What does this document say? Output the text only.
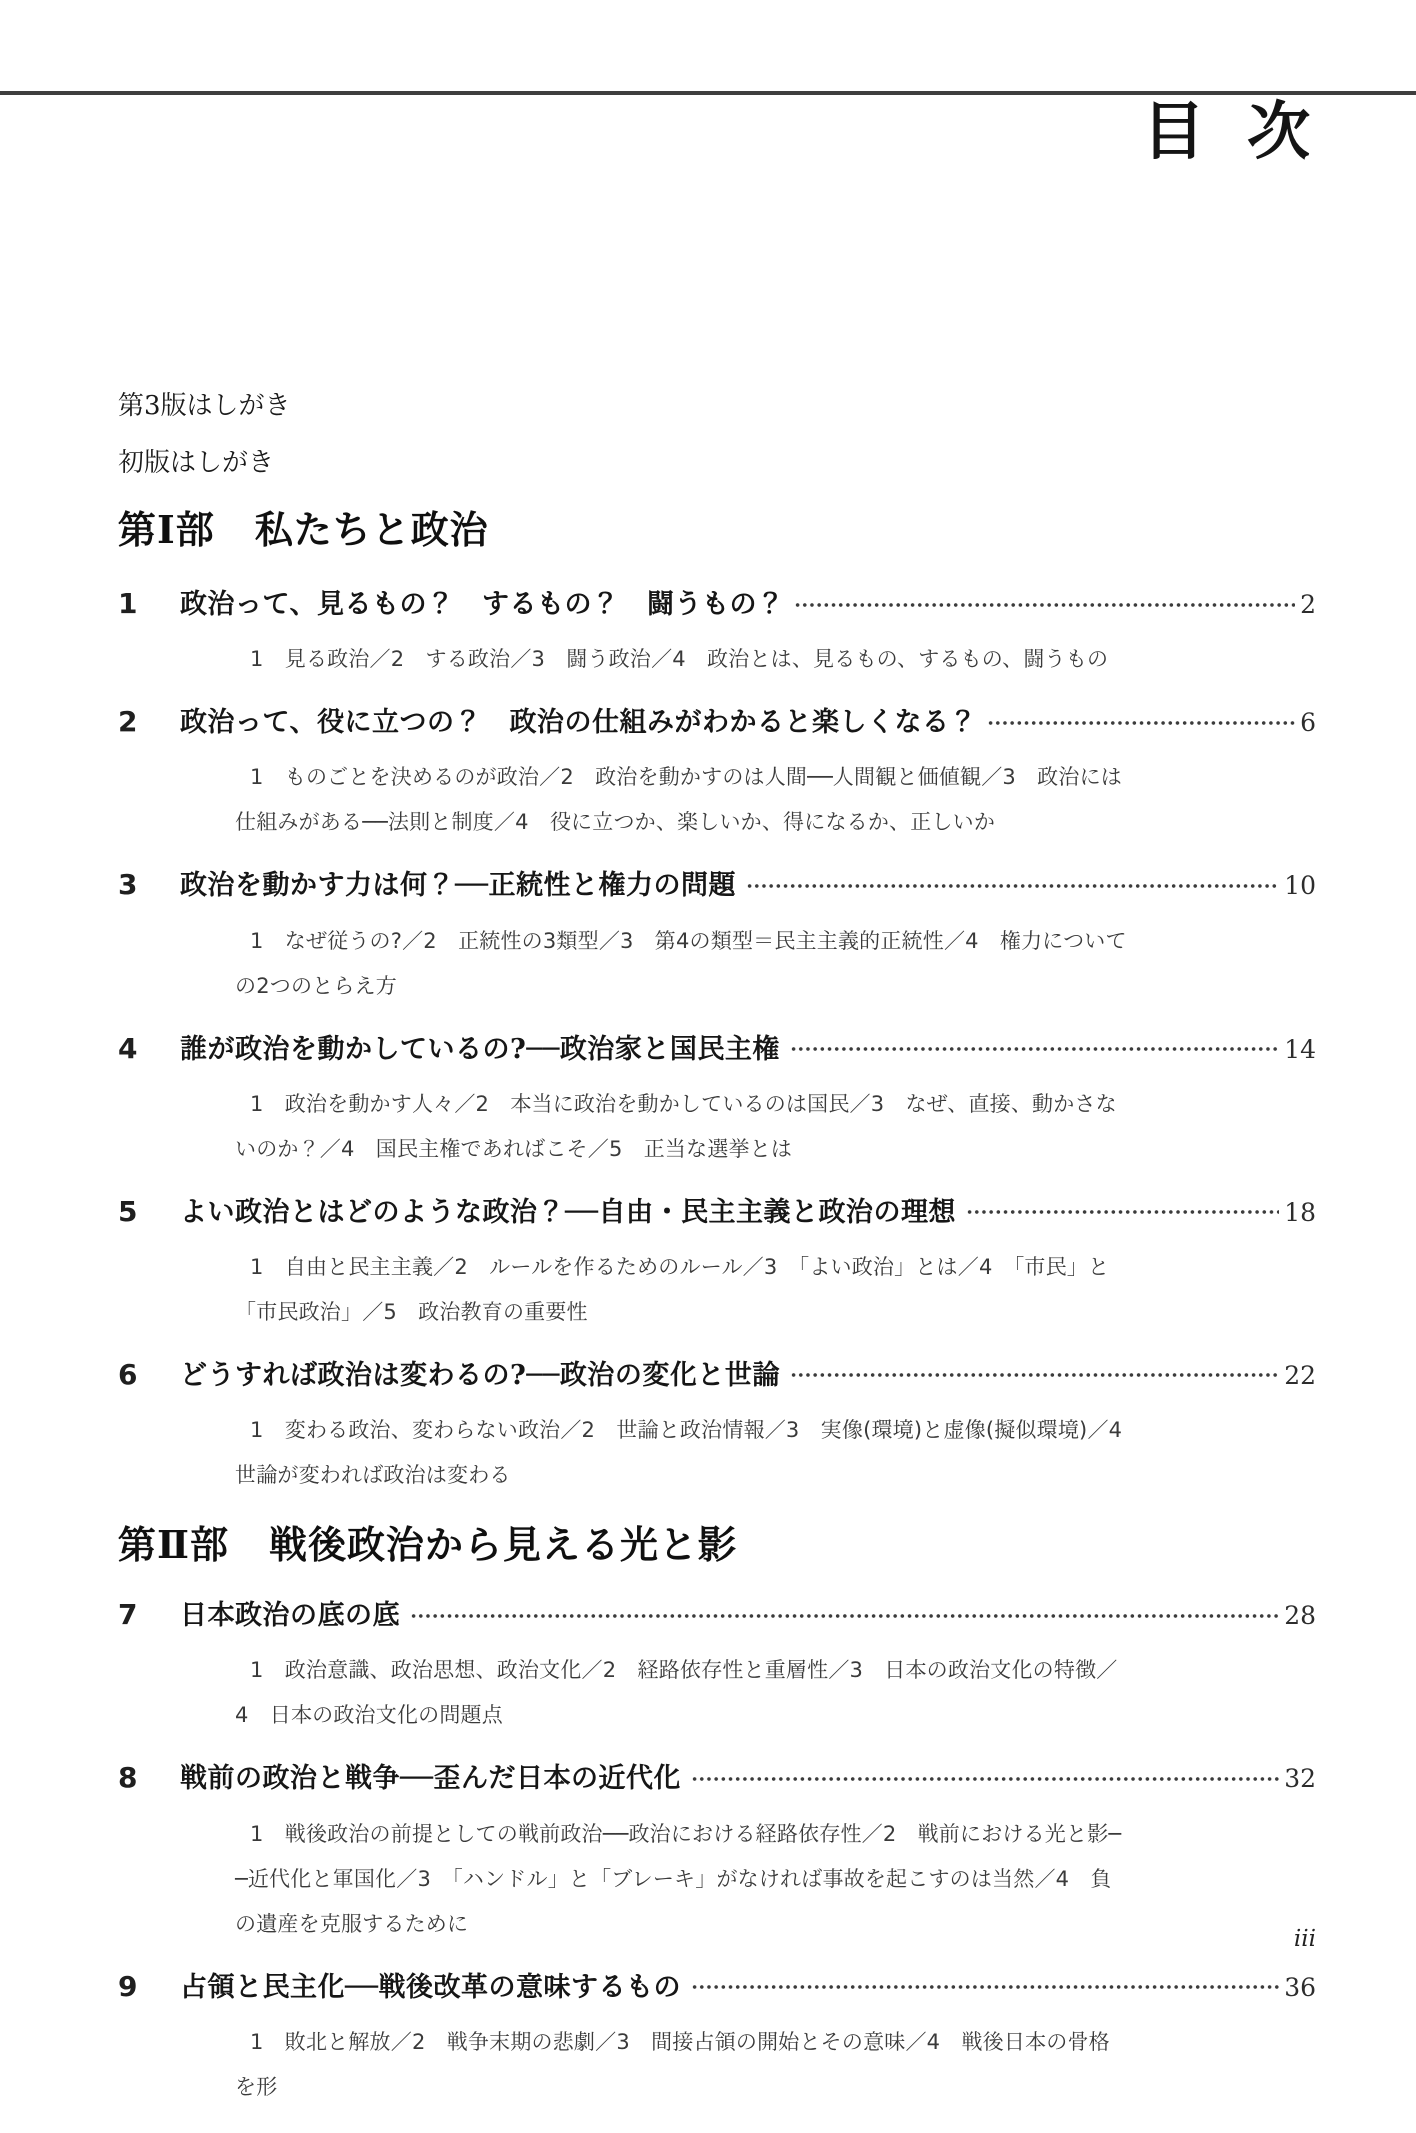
目 次
第3版はしがき
初版はしがき
第Ⅰ部 私たちと政治
1	政治って、見るもの？　するもの？　闘うもの？	2

1　見る政治／2　する政治／3　闘う政治／4　政治とは、見るもの、するもの、闘うもの

2	政治って、役に立つの？　政治の仕組みがわかると楽しくなる？	6

1　ものごとを決めるのが政治／2　政治を動かすのは人間──人間観と価値観／3　政治には仕組みがある──法則と制度／4　役に立つか、楽しいか、得になるか、正しいか

3	政治を動かす力は何？──正統性と権力の問題	10

1　なぜ従うの?／2　正統性の3類型／3　第4の類型＝民主主義的正統性／4　権力についての2つのとらえ方

4	誰が政治を動かしているの?──政治家と国民主権	14

1　政治を動かす人々／2　本当に政治を動かしているのは国民／3　なぜ、直接、動かさないのか？／4　国民主権であればこそ／5　正当な選挙とは

5	よい政治とはどのような政治？──自由・民主主義と政治の理想	18

1　自由と民主主義／2　ルールを作るためのルール／3　「よい政治」とは／4　「市民」と「市民政治」／5　政治教育の重要性

6	どうすれば政治は変わるの?──政治の変化と世論	22

1　変わる政治、変わらない政治／2　世論と政治情報／3　実像(環境)と虚像(擬似環境)／4　世論が変われば政治は変わる

第Ⅱ部 戦後政治から見える光と影
7	日本政治の底の底	28

1　政治意識、政治思想、政治文化／2　経路依存性と重層性／3　日本の政治文化の特徴／4　日本の政治文化の問題点

8	戦前の政治と戦争──歪んだ日本の近代化	32

1　戦後政治の前提としての戦前政治──政治における経路依存性／2　戦前における光と影──近代化と軍国化／3　「ハンドル」と「ブレーキ」がなければ事故を起こすのは当然／4　負の遺産を克服するために

9	占領と民主化──戦後改革の意味するもの	36

1　敗北と解放／2　戦争末期の悲劇／3　間接占領の開始とその意味／4　戦後日本の骨格を形

iii
